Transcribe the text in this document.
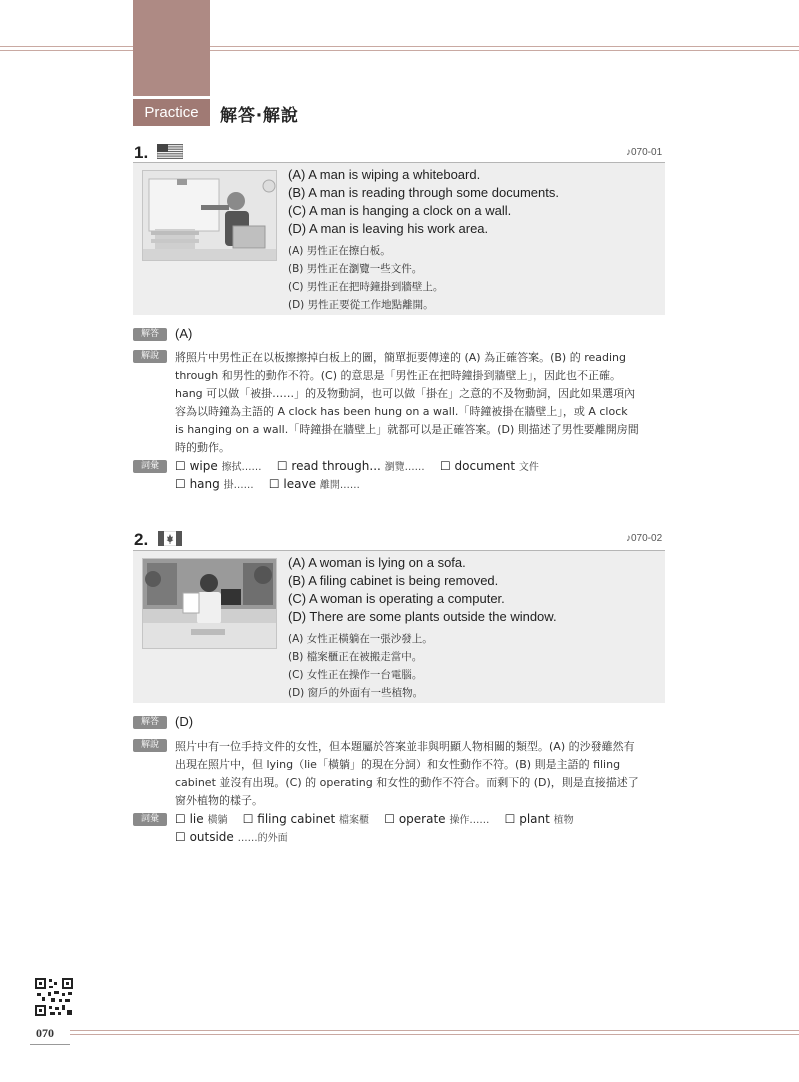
Practice	解答‧解說
1.	♪070-01
(A) A man is wiping a whiteboard.
(B) A man is reading through some documents.
(C) A man is hanging a clock on a wall.
(D) A man is leaving his work area.
(A) 男性正在擦白板。
(B) 男性正在瀏覽一些文件。
(C) 男性正在把時鐘掛到牆壁上。
(D) 男性正要從工作地點離開。
解答	(A)
解說	將照片中男性正在以板擦擦掉白板上的圖，簡單扼要傳達的 (A) 為正確答案。(B) 的 reading
through 和男性的動作不符。(C) 的意思是「男性正在把時鐘掛到牆壁上」，因此也不正確。
hang 可以做「被掛……」的及物動詞，也可以做「掛在」之意的不及物動詞，因此如果選項內
容為以時鐘為主語的 A clock has been hung on a wall.「時鐘被掛在牆壁上」，或 A clock
is hanging on a wall.「時鐘掛在牆壁上」就都可以是正確答案。(D) 則描述了男性要離開房間
時的動作。
詞彙	☐ wipe 擦拭…… ☐ read through... 瀏覽…… ☐ document 文件
☐ hang 掛…… ☐ leave 離開……
2.	♪070-02
(A) A woman is lying on a sofa.
(B) A filing cabinet is being removed.
(C) A woman is operating a computer.
(D) There are some plants outside the window.
(A) 女性正橫躺在一張沙發上。
(B) 檔案櫃正在被搬走當中。
(C) 女性正在操作一台電腦。
(D) 窗戶的外面有一些植物。
解答	(D)
解說	照片中有一位手持文件的女性，但本題屬於答案並非與明顯人物相關的類型。(A) 的沙發雖然有
出現在照片中，但 lying（lie「橫躺」的現在分詞）和女性動作不符。(B) 則是主語的 filing
cabinet 並沒有出現。(C) 的 operating 和女性的動作不符合。而剩下的 (D)，則是直接描述了
窗外植物的樣子。
詞彙	☐ lie 橫躺 ☐ filing cabinet 檔案櫃 ☐ operate 操作…… ☐ plant 植物
☐ outside ……的外面
070
